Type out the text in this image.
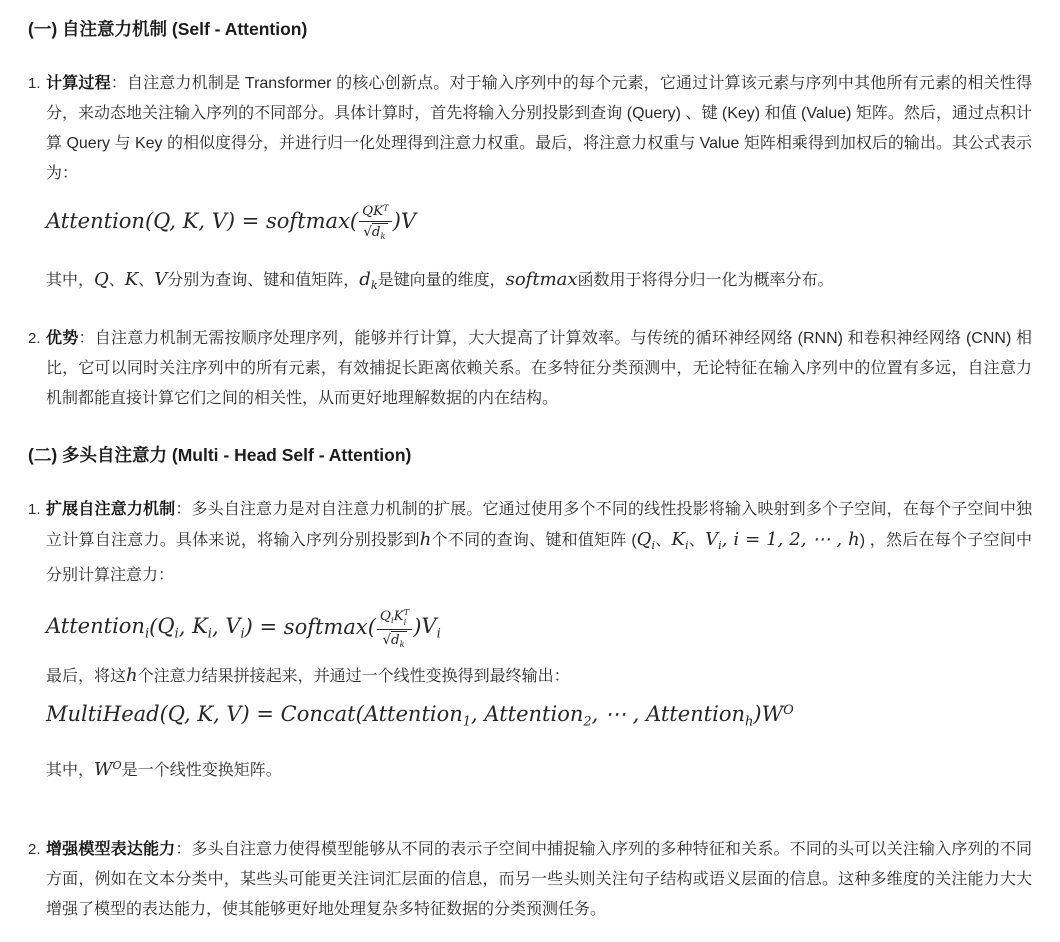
(一) 自注意力机制 (Self - Attention)
1. 计算过程：自注意力机制是 Transformer 的核心创新点。对于输入序列中的每个元素，它通过计算该元素与序列中其他所有元素的相关性得分，来动态地关注输入序列的不同部分。具体计算时，首先将输入分别投影到查询 (Query) 、键 (Key) 和值 (Value) 矩阵。然后，通过点积计算 Query 与 Key 的相似度得分，并进行归一化处理得到注意力权重。最后，将注意力权重与 Value 矩阵相乘得到加权后的输出。其公式表示为：
Attention(Q, K, V) = softmax( $\frac{QK^T}{√d_k} )V$
其中，Q、K、V分别为查询、键和值矩阵，$d_k$是键向量的维度，softmax函数用于将得分归一化为概率分布。
2. 优势：自注意力机制无需按顺序处理序列，能够并行计算，大大提高了计算效率。与传统的循环神经网络 (RNN) 和卷积神经网络 (CNN) 相比，它可以同时关注序列中的所有元素，有效捕捉长距离依赖关系。在多特征分类预测中，无论特征在输入序列中的位置有多远，自注意力机制都能直接计算它们之间的相关性，从而更好地理解数据的内在结构。
(二) 多头自注意力 (Multi - Head Self - Attention)
1. 扩展自注意力机制：多头自注意力是对自注意力机制的扩展。它通过使用多个不同的线性投影将输入映射到多个子空间，在每个子空间中独立计算自注意力。具体来说，将输入序列分别投影到h个不同的查询、键和值矩阵 ($Q_i$、$K_i$、$V_i$, i = 1, 2, ⋯ , h) ，然后在每个子空间中分别计算注意力：
$Attention_i(Q_i$, $K_i$, $V_i$) = softmax( $Q_iK$ T
i
$√d_k$ )$V_i$
最后，将这h个注意力结果拼接起来，并通过一个线性变换得到最终输出：
MultiHead(Q, K, V) = Concat(Attention$_1$, Attention$_2$, ⋯ , $Attention_h)W^O$
其中，$W^O$是一个线性变换矩阵。
2. 增强模型表达能力：多头自注意力使得模型能够从不同的表示子空间中捕捉输入序列的多种特征和关系。不同的头可以关注输入序列的不同方面，例如在文本分类中，某些头可能更关注词汇层面的信息，而另一些头则关注句子结构或语义层面的信息。这种多维度的关注能力大大增强了模型的表达能力，使其能够更好地处理复杂多特征数据的分类预测任务。
